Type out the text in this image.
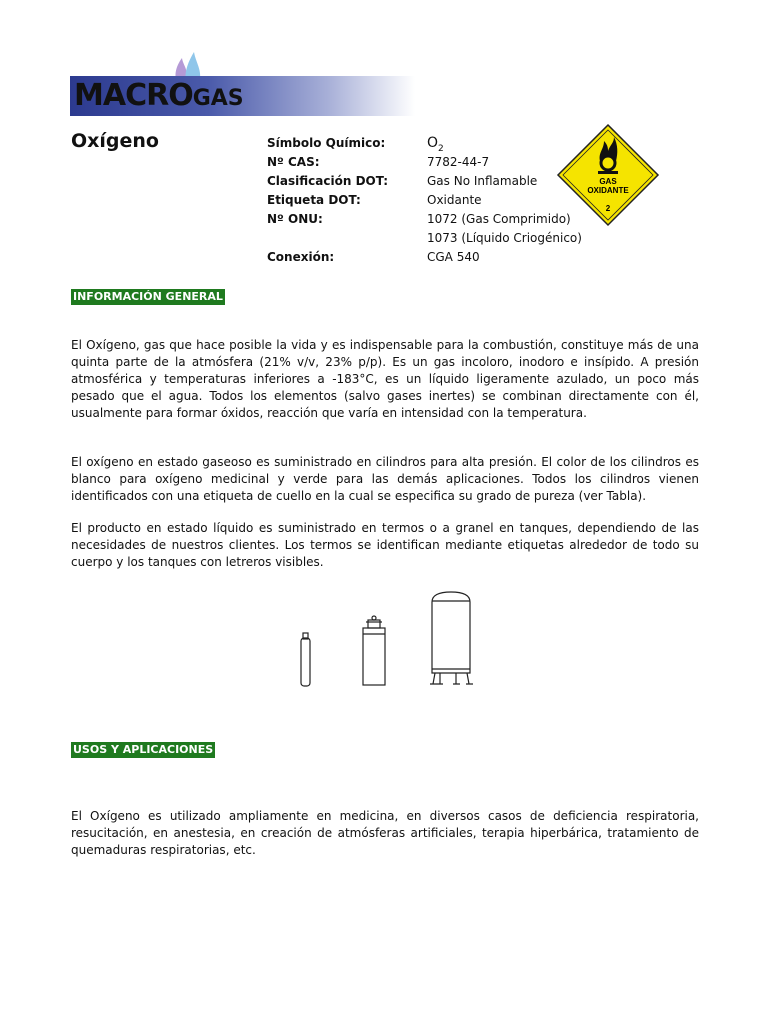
MACROGAS
Oxígeno	Símbolo Químico:	$O_2$
Nº CAS:	7782-44-7
Clasificación DOT:	Gas No Inflamable
Etiqueta DOT:	Oxidante
Nº ONU:	1072 (Gas Comprimido)
1073 (Líquido Criogénico)
Conexión:	CGA 540
GAS
OXIDANTE
2
INFORMACIÓN GENERAL
El Oxígeno, gas que hace posible la vida y es indispensable para la combustión, constituye más de una quinta parte de la atmósfera (21% v/v, 23% p/p). Es un gas incoloro, inodoro e insípido. A presión atmosférica y temperaturas inferiores a -183°C, es un líquido ligeramente azulado, un poco más pesado que el agua. Todos los elementos (salvo gases inertes) se combinan directamente con él, usualmente para formar óxidos, reacción que varía en intensidad con la temperatura.
El oxígeno en estado gaseoso es suministrado en cilindros para alta presión. El color de los cilindros es blanco para oxígeno medicinal y verde para las demás aplicaciones. Todos los cilindros vienen identificados con una etiqueta de cuello en la cual se especifica su grado de pureza (ver Tabla).
El producto en estado líquido es suministrado en termos o a granel en tanques, dependiendo de las necesidades de nuestros clientes. Los termos se identifican mediante etiquetas alrededor de todo su cuerpo y los tanques con letreros visibles.
USOS Y APLICACIONES
El Oxígeno es utilizado ampliamente en medicina, en diversos casos de deficiencia respiratoria, resucitación, en anestesia, en creación de atmósferas artificiales, terapia hiperbárica, tratamiento de quemaduras respiratorias, etc.
